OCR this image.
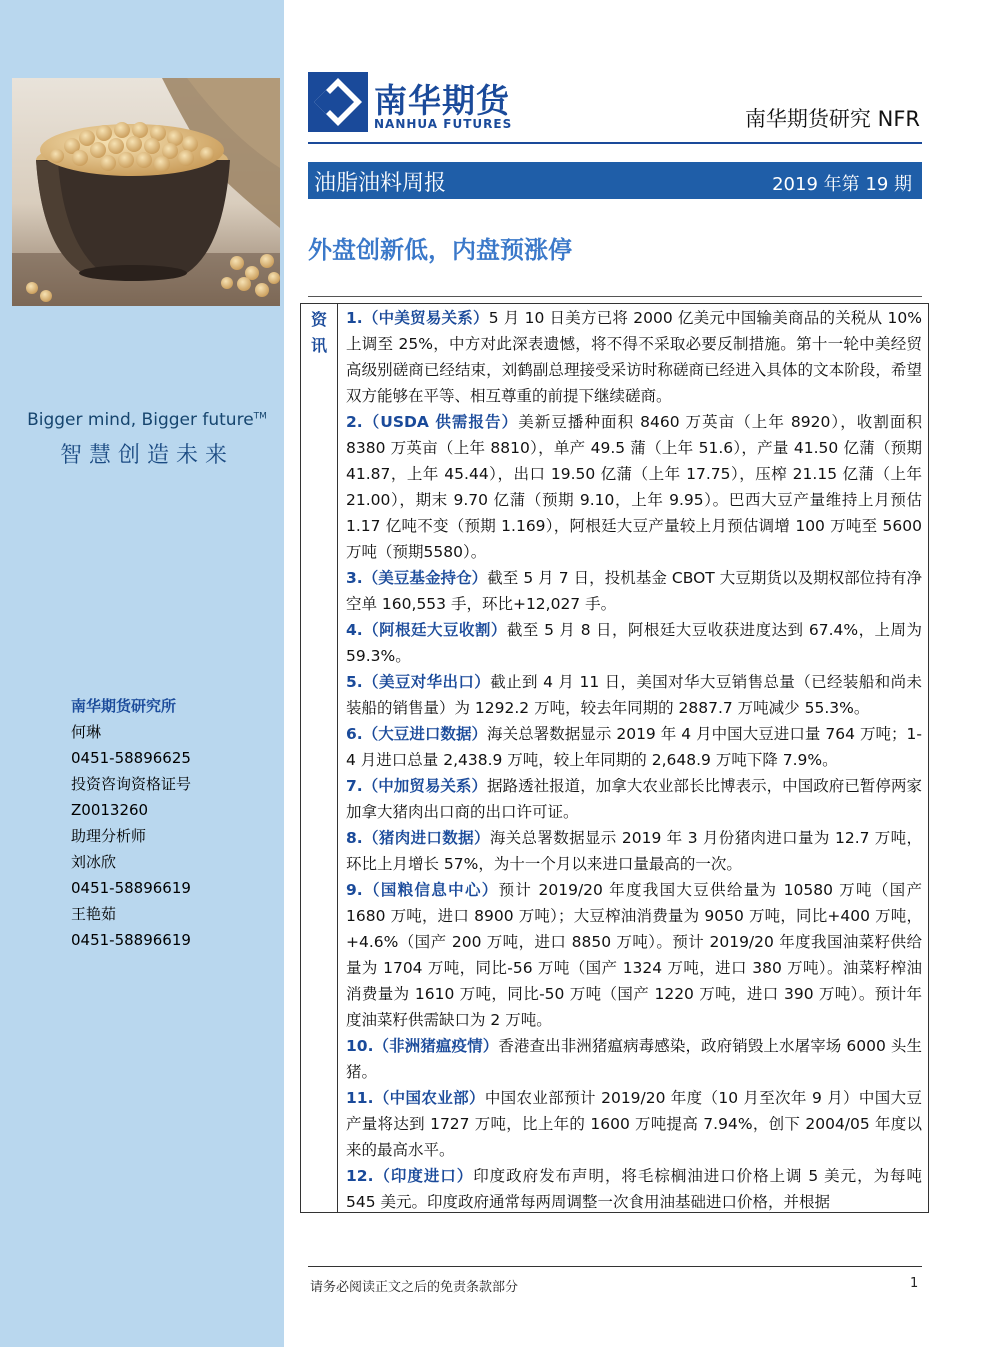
Bigger mind, Bigger future™
智慧创造未来
南华期货研究所
何琳
0451-58896625
投资咨询资格证号
Z0013260
助理分析师
刘冰欣
0451-58896619
王艳茹
0451-58896619
南华期货
NANHUA FUTURES	南华期货研究 NFR
油脂油料周报	2019 年第 19 期
外盘创新低，内盘预涨停
资讯

1.（中美贸易关系）5 月 10 日美方已将 2000 亿美元中国输美商品的关税从 10%上调至 25%，中方对此深表遗憾，将不得不采取必要反制措施。第十一轮中美经贸高级别磋商已经结束，刘鹤副总理接受采访时称磋商已经进入具体的文本阶段，希望双方能够在平等、相互尊重的前提下继续磋商。

2.（USDA 供需报告）美新豆播种面积 8460 万英亩（上年 8920），收割面积 8380 万英亩（上年 8810），单产 49.5 蒲（上年 51.6），产量 41.50 亿蒲（预期 41.87，上年 45.44），出口 19.50 亿蒲（上年 17.75），压榨 21.15 亿蒲（上年 21.00），期末 9.70 亿蒲（预期 9.10，上年 9.95）。巴西大豆产量维持上月预估 1.17 亿吨不变（预期 1.169），阿根廷大豆产量较上月预估调增 100 万吨至 5600 万吨（预期5580）。

3.（美豆基金持仓）截至 5 月 7 日，投机基金 CBOT 大豆期货以及期权部位持有净空单 160,553 手，环比+12,027 手。

4.（阿根廷大豆收割）截至 5 月 8 日，阿根廷大豆收获进度达到 67.4%，上周为 59.3%。

5.（美豆对华出口）截止到 4 月 11 日，美国对华大豆销售总量（已经装船和尚未装船的销售量）为 1292.2 万吨，较去年同期的 2887.7 万吨减少 55.3%。

6.（大豆进口数据）海关总署数据显示 2019 年 4 月中国大豆进口量 764 万吨；1-4 月进口总量 2,438.9 万吨，较上年同期的 2,648.9 万吨下降 7.9%。

7.（中加贸易关系）据路透社报道，加拿大农业部长比博表示，中国政府已暂停两家加拿大猪肉出口商的出口许可证。

8.（猪肉进口数据）海关总署数据显示 2019 年 3 月份猪肉进口量为 12.7 万吨，环比上月增长 57%，为十一个月以来进口量最高的一次。

9.（国粮信息中心）预计 2019/20 年度我国大豆供给量为 10580 万吨（国产 1680 万吨，进口 8900 万吨）；大豆榨油消费量为 9050 万吨，同比+400 万吨，+4.6%（国产 200 万吨，进口 8850 万吨）。预计 2019/20 年度我国油菜籽供给量为 1704 万吨，同比-56 万吨（国产 1324 万吨，进口 380 万吨）。油菜籽榨油消费量为 1610 万吨，同比-50 万吨（国产 1220 万吨，进口 390 万吨）。预计年度油菜籽供需缺口为 2 万吨。

10.（非洲猪瘟疫情）香港查出非洲猪瘟病毒感染，政府销毁上水屠宰场 6000 头生猪。

11.（中国农业部）中国农业部预计 2019/20 年度（10 月至次年 9 月）中国大豆产量将达到 1727 万吨，比上年的 1600 万吨提高 7.94%，创下 2004/05 年度以来的最高水平。

12.（印度进口）印度政府发布声明，将毛棕榈油进口价格上调 5 美元，为每吨 545 美元。印度政府通常每两周调整一次食用油基础进口价格，并根据

请务必阅读正文之后的免责条款部分	1
